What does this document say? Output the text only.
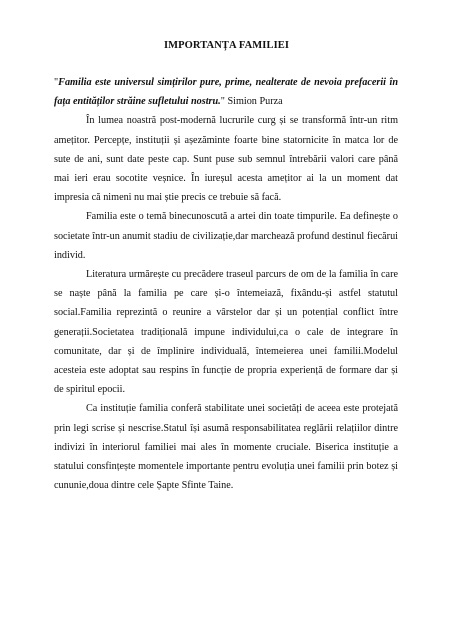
IMPORTANȚA FAMILIEI

"Familia este universul simțirilor pure, prime, nealterate de nevoia prefacerii în fața entităților străine sufletului nostru." Simion Purza

În lumea noastră post-modernă lucrurile curg și se transformă într-un ritm amețitor. Percepțe, instituții și așezăminte foarte bine statornicite în matca lor de sute de ani, sunt date peste cap. Sunt puse sub semnul întrebării valori care până mai ieri erau socotite veșnice. În iureșul acesta amețitor ai la un moment dat impresia că nimeni nu mai știe precis ce trebuie să facă.

Familia este o temă binecunoscută a artei din toate timpurile. Ea definește o societate într-un anumit stadiu de civilizație,dar marchează profund destinul fiecărui individ.

Literatura urmărește cu precădere traseul parcurs de om de la familia în care se naște până la familia pe care și-o întemeiază, fixându-și astfel statutul social.Familia reprezintă o reunire a vârstelor dar și un potențial conflict între generații.Societatea tradițională impune individului,ca o cale de integrare în comunitate, dar și de împlinire individuală, întemeierea unei familii.Modelul acesteia este adoptat sau respins în funcție de propria experiență de formare dar și de spiritul epocii.

Ca instituție familia conferă stabilitate unei societăți de aceea este protejată prin legi scrise și nescrise.Statul își asumă responsabilitatea reglării relațiilor dintre indivizi în interiorul familiei mai ales în momente cruciale. Biserica instituție a statului consfințește momentele importante pentru evoluția unei familii prin botez și cununie,doua dintre cele Șapte Sfinte Taine.
